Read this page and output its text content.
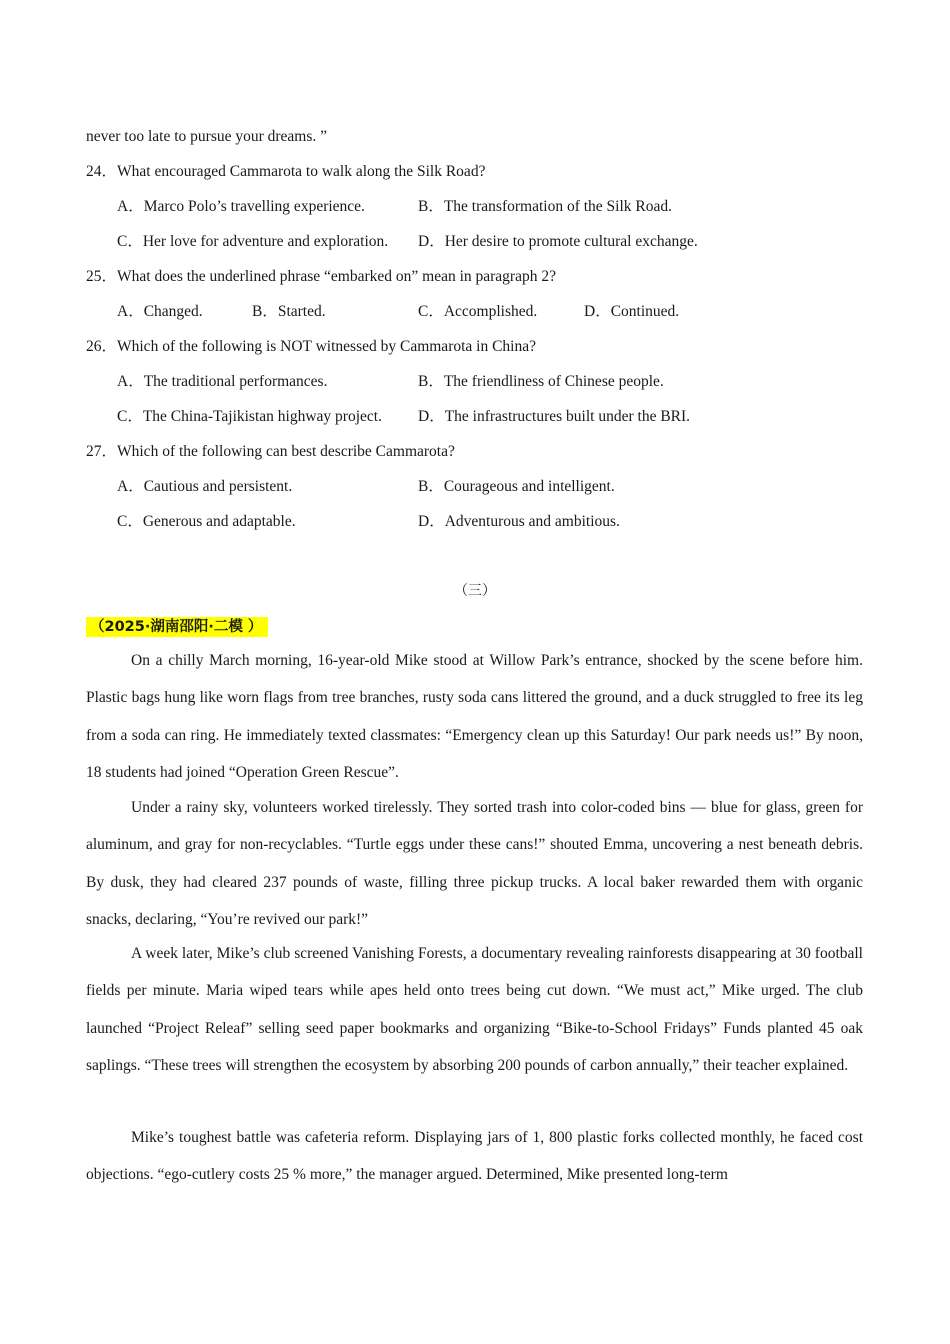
never too late to pursue your dreams. ”
24．What encouraged Cammarota to walk along the Silk Road?
A．Marco Polo’s travelling experience.	B．The transformation of the Silk Road.
C．Her love for adventure and exploration. D．Her desire to promote cultural exchange.
25．What does the underlined phrase “embarked on” mean in paragraph 2?
A．Changed.	B．Started.	C．Accomplished.	D．Continued.
26．Which of the following is NOT witnessed by Cammarota in China?
A．The traditional performances.	B．The friendliness of Chinese people.
C．The China-Tajikistan highway project. D．The infrastructures built under the BRI.
27．Which of the following can best describe Cammarota?
A．Cautious and persistent.	B．Courageous and intelligent.
C．Generous and adaptable.	D．Adventurous and ambitious.
（三）
（2025·湖南邵阳·二模 ）
On a chilly March morning, 16-year-old Mike stood at Willow Park’s entrance, shocked by the scene before him. Plastic bags hung like worn flags from tree branches, rusty soda cans littered the ground, and a duck struggled to free its leg from a soda can ring. He immediately texted classmates: “Emergency clean up this Saturday! Our park needs us!” By noon, 18 students had joined “Operation Green Rescue”.
Under a rainy sky, volunteers worked tirelessly. They sorted trash into color-coded bins — blue for glass, green for aluminum, and gray for non-recyclables. “Turtle eggs under these cans!” shouted Emma, uncovering a nest beneath debris. By dusk, they had cleared 237 pounds of waste, filling three pickup trucks. A local baker rewarded them with organic snacks, declaring, “You’re revived our park!”
A week later, Mike’s club screened Vanishing Forests, a documentary revealing rainforests disappearing at 30 football fields per minute. Maria wiped tears while apes held onto trees being cut down. “We must act,” Mike urged. The club launched “Project Releaf” selling seed paper bookmarks and organizing “Bike-to-School Fridays” Funds planted 45 oak saplings. “These trees will strengthen the ecosystem by absorbing 200 pounds of carbon annually,” their teacher explained.
Mike’s toughest battle was cafeteria reform. Displaying jars of 1, 800 plastic forks collected monthly, he faced cost objections. “ego-cutlery costs 25 % more,” the manager argued. Determined, Mike presented long-term
